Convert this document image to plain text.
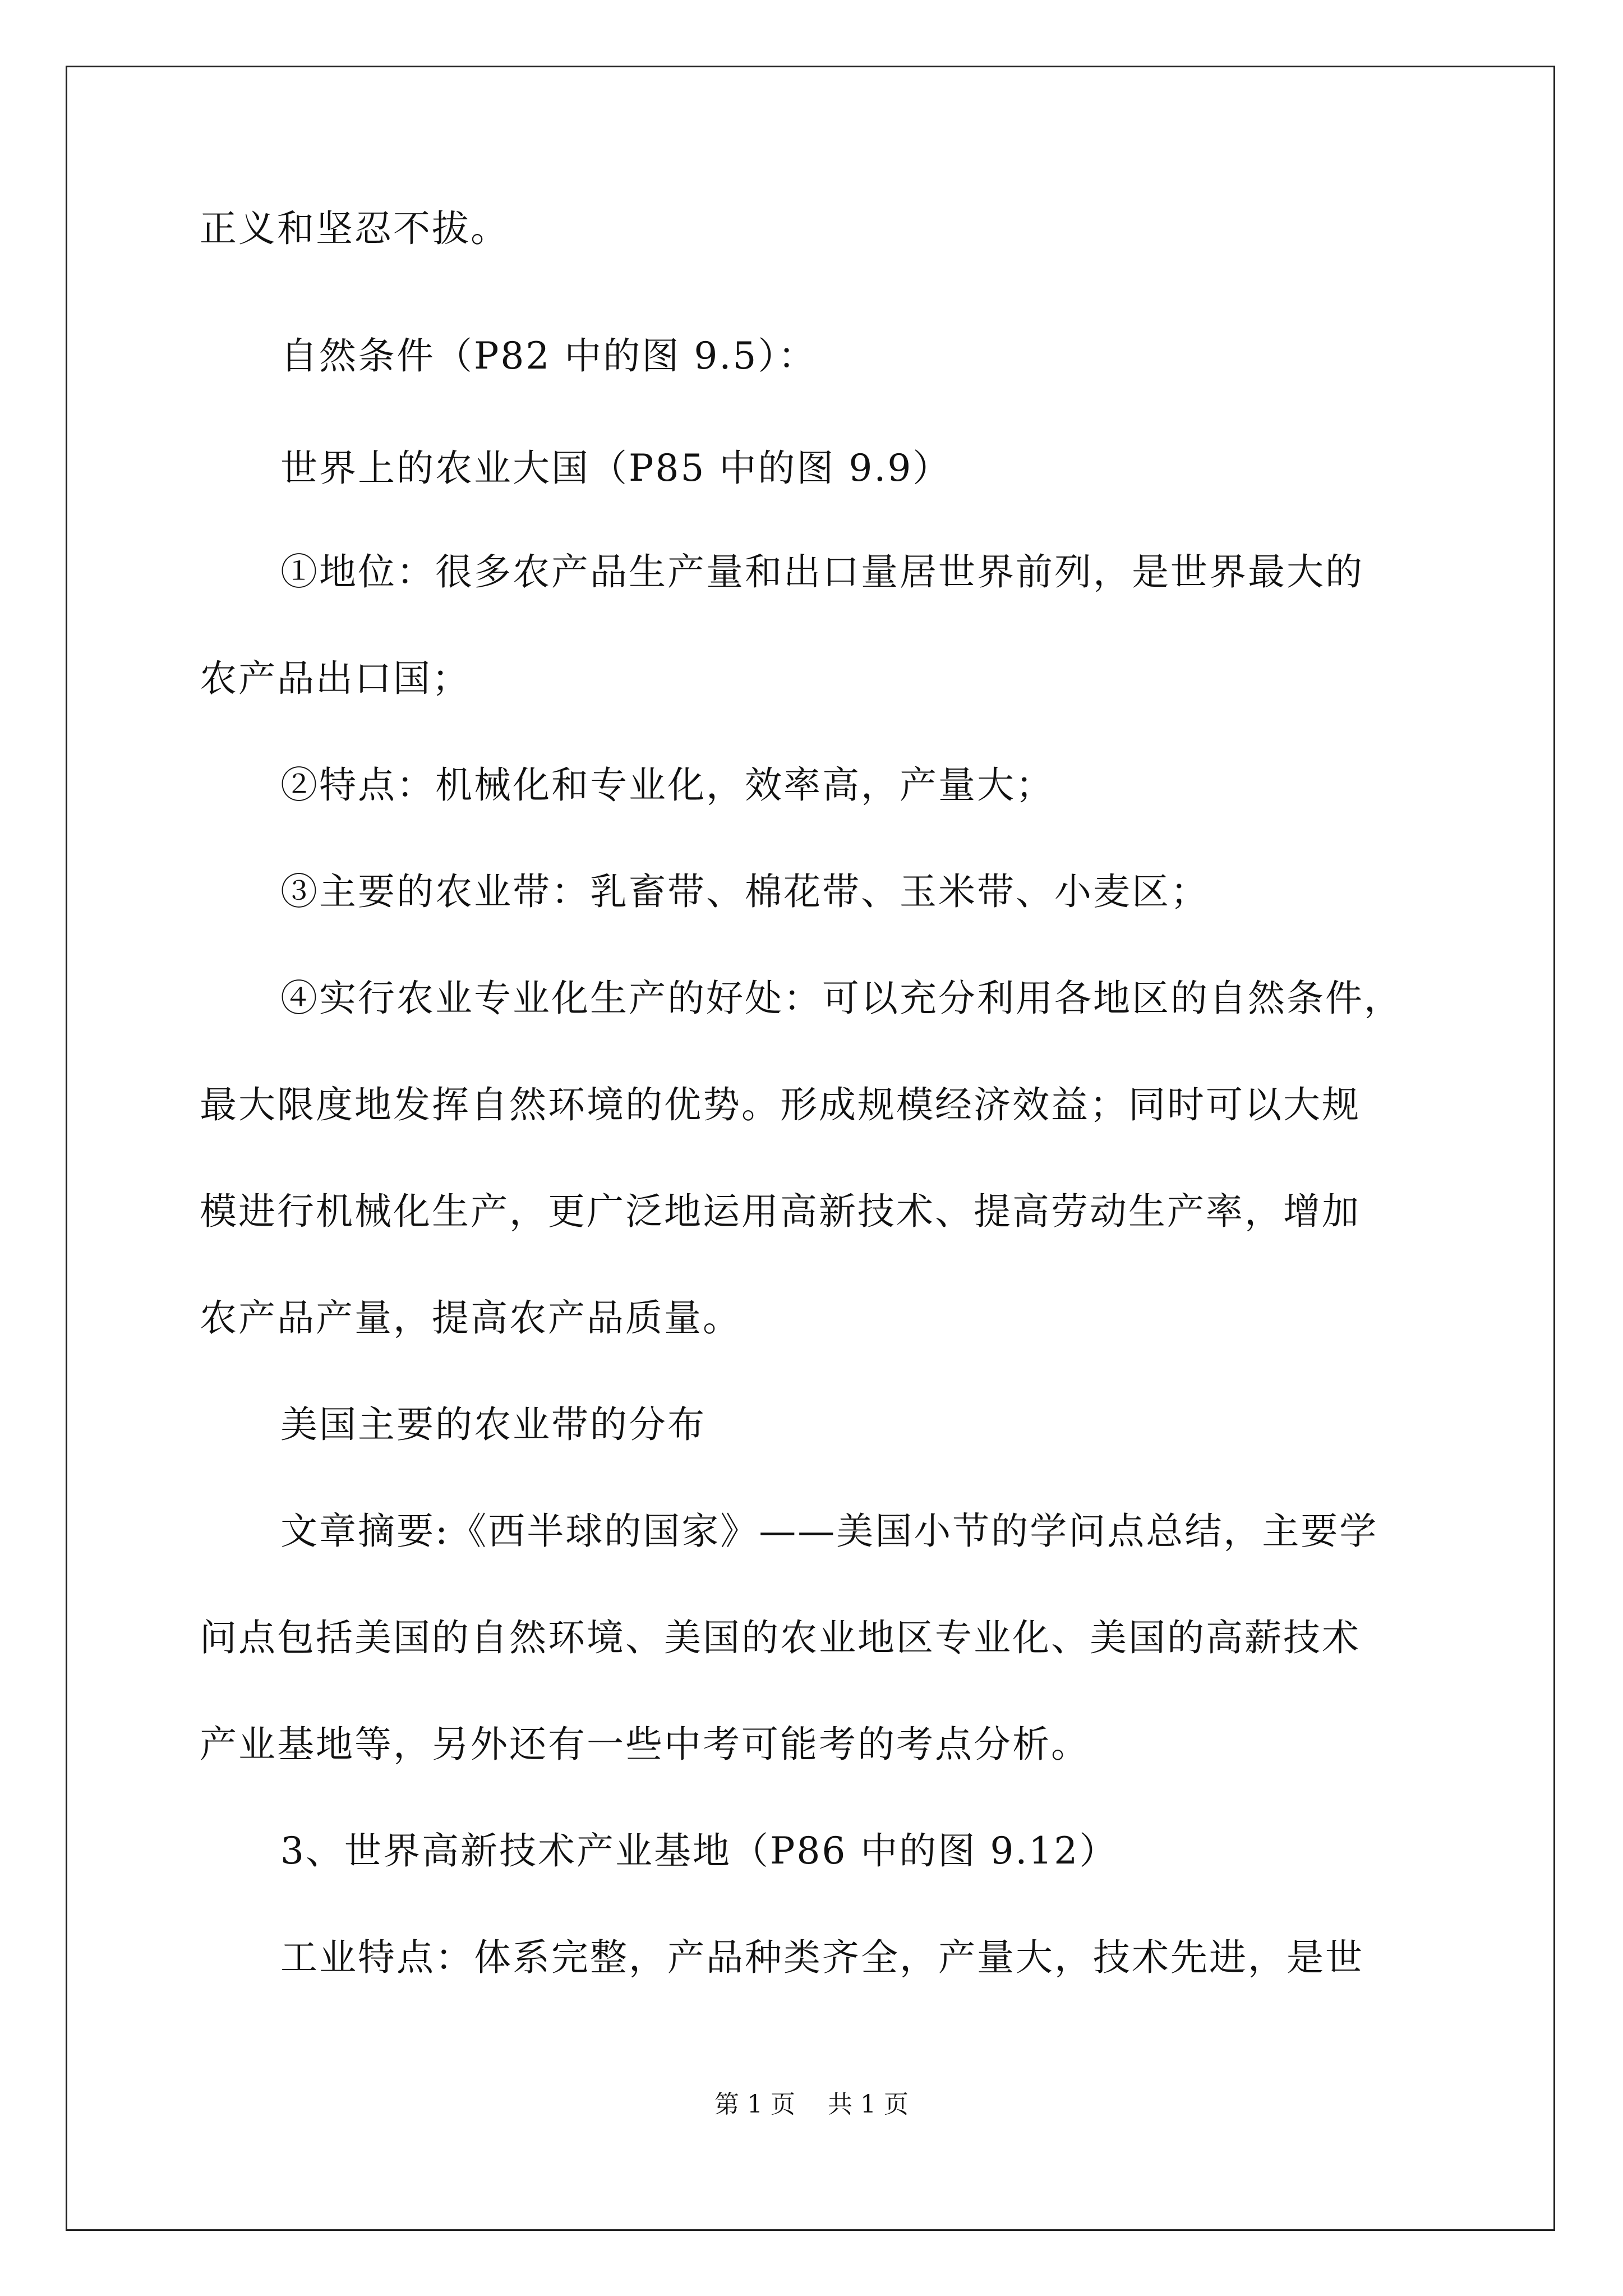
正义和坚忍不拔。
自然条件（P82 中的图 9.5）：
世界上的农业大国（P85 中的图 9.9）
①地位：很多农产品生产量和出口量居世界前列，是世界最大的
农产品出口国；
②特点：机械化和专业化，效率高，产量大；
③主要的农业带：乳畜带、棉花带、玉米带、小麦区；
④实行农业专业化生产的好处：可以充分利用各地区的自然条件，
最大限度地发挥自然环境的优势。形成规模经济效益；同时可以大规
模进行机械化生产，更广泛地运用高新技术、提高劳动生产率，增加
农产品产量，提高农产品质量。
美国主要的农业带的分布
文章摘要:《西半球的国家》——美国小节的学问点总结，主要学
问点包括美国的自然环境、美国的农业地区专业化、美国的高薪技术
产业基地等，另外还有一些中考可能考的考点分析。
3、世界高新技术产业基地（P86 中的图 9.12）
工业特点：体系完整，产品种类齐全，产量大，技术先进，是世
第 1 页　 共 1 页
